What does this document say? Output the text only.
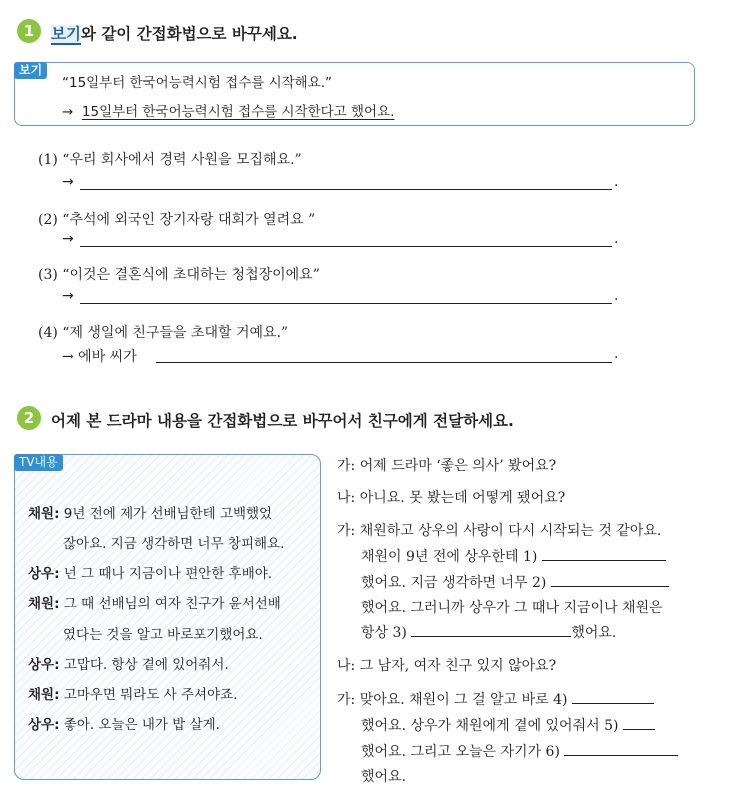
1	보기와 같이 간접화법으로 바꾸세요.
보기
“15일부터 한국어능력시험 접수를 시작해요.”
→ 15일부터 한국어능력시험 접수를 시작한다고 했어요.
(1) “우리 회사에서 경력 사원을 모집해요.”
→	.
(2) “추석에 외국인 장기자랑 대회가 열려요 ”
→	.
(3) “이것은 결혼식에 초대하는 청첩장이에요”
→	.
(4) “제 생일에 친구들을 초대할 거예요.”
→ 에바 씨가	.
2	어제 본 드라마 내용을 간접화법으로 바꾸어서 친구에게 전달하세요.
TV내용
채원: 9년 전에 제가 선배님한테 고백했었
잖아요. 지금 생각하면 너무 창피해요.
상우: 넌 그 때나 지금이나 편안한 후배야.
채원: 그 때 선배님의 여자 친구가 윤서선배
였다는 것을 알고 바로포기했어요.
상우: 고맙다. 항상 곁에 있어줘서.
채원: 고마우면 뭐라도 사 주셔야죠.
상우: 좋아. 오늘은 내가 밥 살게.
가: 어제 드라마 ‘좋은 의사’ 봤어요?
나: 아니요. 못 봤는데 어떻게 됐어요?
가: 채원하고 상우의 사랑이 다시 시작되는 것 같아요.
채원이 9년 전에 상우한테 1)
했어요. 지금 생각하면 너무 2)
했어요. 그러니까 상우가 그 때나 지금이나 채원은
항상 3)	했어요.
나: 그 남자, 여자 친구 있지 않아요?
가: 맞아요. 채원이 그 걸 알고 바로 4)
했어요. 상우가 채원에게 곁에 있어줘서 5)
했어요. 그리고 오늘은 자기가 6)
했어요.
